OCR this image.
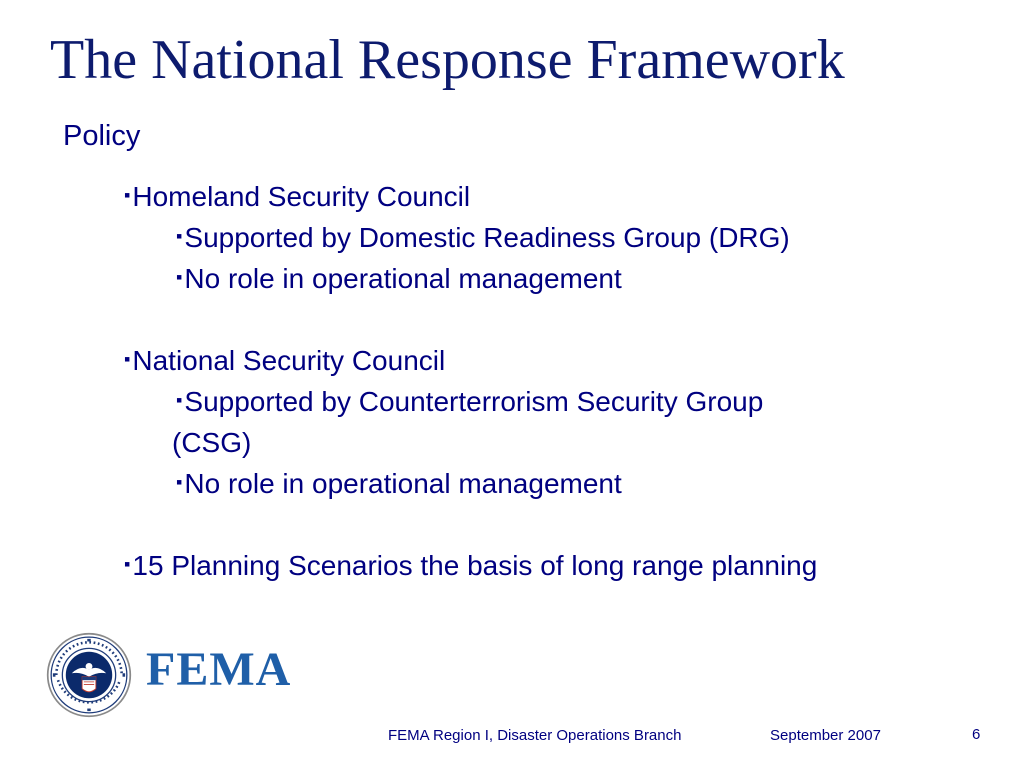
The National Response Framework
Policy
▪Homeland Security Council
▪Supported by Domestic Readiness Group (DRG)
▪No role in operational management
▪National Security Council
▪Supported by Counterterrorism Security Group
(CSG)
▪No role in operational management
▪15 Planning Scenarios the basis of long range planning
FEMA
FEMA Region I, Disaster Operations Branch	September 2007	6
